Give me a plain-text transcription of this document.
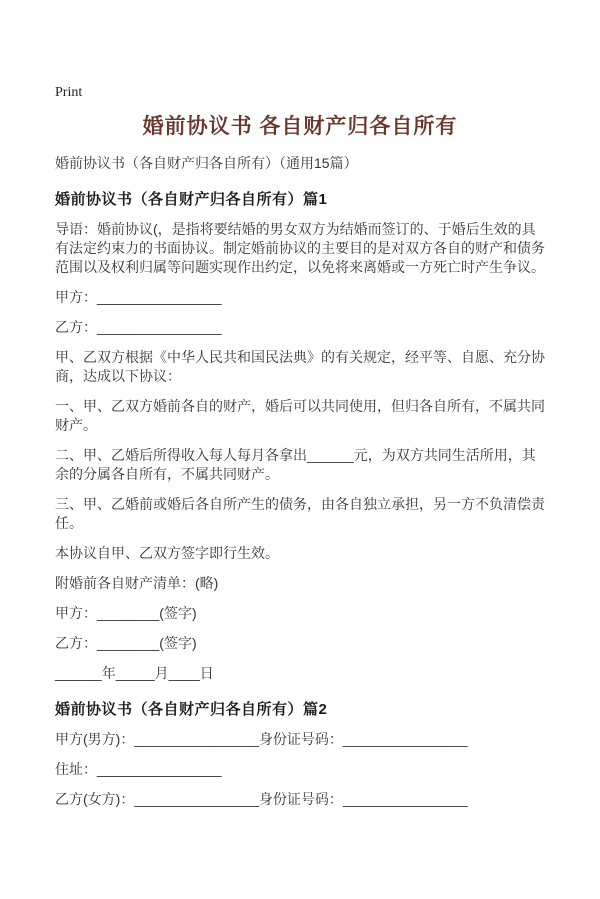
Print
婚前协议书 各自财产归各自所有

婚前协议书（各自财产归各自所有）（通用15篇）

婚前协议书（各自财产归各自所有）篇1

导语：婚前协议(，是指将要结婚的男女双方为结婚而签订的、于婚后生效的具有法定约束力的书面协议。制定婚前协议的主要目的是对双方各自的财产和债务范围以及权利归属等问题实现作出约定，以免将来离婚或一方死亡时产生争议。

甲方：________________

乙方：________________

甲、乙双方根据《中华人民共和国民法典》的有关规定，经平等、自愿、充分协商，达成以下协议：

一、甲、乙双方婚前各自的财产，婚后可以共同使用，但归各自所有，不属共同财产。

二、甲、乙婚后所得收入每人每月各拿出______元，为双方共同生活所用，其余的分属各自所有，不属共同财产。

三、甲、乙婚前或婚后各自所产生的债务，由各自独立承担，另一方不负清偿责任。

本协议自甲、乙双方签字即行生效。

附婚前各自财产清单：(略)

甲方：________(签字)

乙方：________(签字)

______年_____月____日

婚前协议书（各自财产归各自所有）篇2

甲方(男方)：________________身份证号码：________________

住址：________________

乙方(女方)：________________身份证号码：________________
